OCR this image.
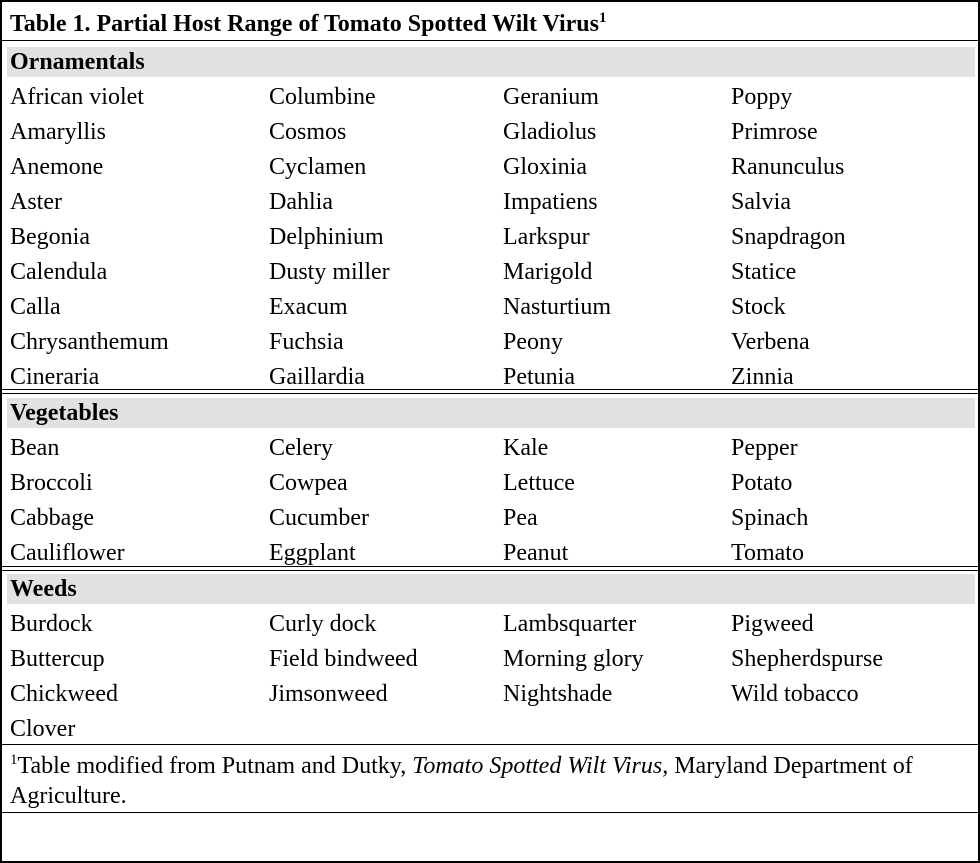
Table 1. Partial Host Range of Tomato Spotted Wilt Virus$^1$
Ornamentals
African violet	Columbine	Geranium	Poppy
Amaryllis	Cosmos	Gladiolus	Primrose
Anemone	Cyclamen	Gloxinia	Ranunculus
Aster	Dahlia	Impatiens	Salvia
Begonia	Delphinium	Larkspur	Snapdragon
Calendula	Dusty miller	Marigold	Statice
Calla	Exacum	Nasturtium	Stock
Chrysanthemum	Fuchsia	Peony	Verbena
Cineraria	Gaillardia	Petunia	Zinnia
Vegetables
Bean	Celery	Kale	Pepper
Broccoli	Cowpea	Lettuce	Potato
Cabbage	Cucumber	Pea	Spinach
Cauliflower	Eggplant	Peanut	Tomato
Weeds
Burdock	Curly dock	Lambsquarter	Pigweed
Buttercup	Field bindweed	Morning glory	Shepherdspurse
Chickweed	Jimsonweed	Nightshade	Wild tobacco
Clover
$^1$Table modified from Putnam and Dutky, Tomato Spotted Wilt Virus, Maryland Department of Agriculture.
